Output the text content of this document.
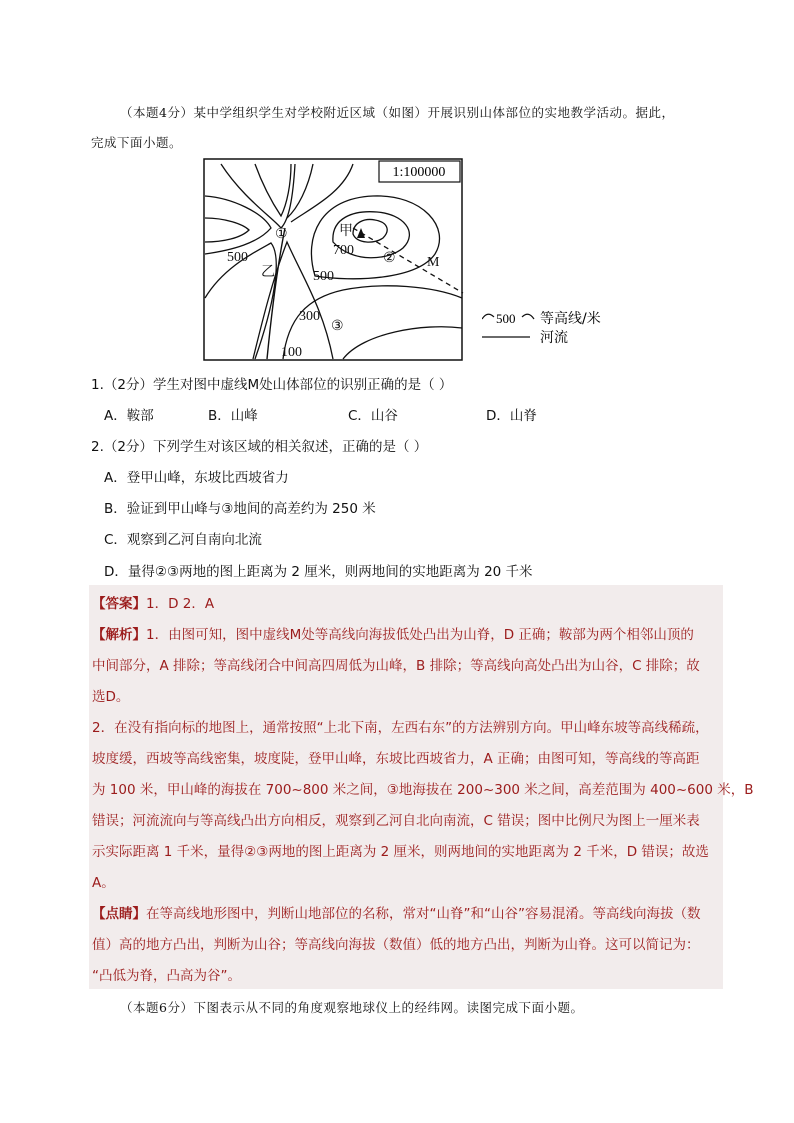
（本题4分）某中学组织学生对学校附近区域（如图）开展识别山体部位的实地教学活动。据此，
完成下面小题。
1:100000
甲
700
500
500
300
100
乙
①
②
③
M
500 等高线/米
河流
1.（2分）学生对图中虚线M处山体部位的识别正确的是（ ）
A．鞍部	B．山峰	C．山谷	D．山脊
2.（2分）下列学生对该区域的相关叙述，正确的是（ ）
A．登甲山峰，东坡比西坡省力
B．验证到甲山峰与③地间的高差约为 250 米
C．观察到乙河自南向北流
D．量得②③两地的图上距离为 2 厘米，则两地间的实地距离为 20 千米
【答案】1．D 2．A
【解析】1．由图可知，图中虚线M处等高线向海拔低处凸出为山脊，D 正确；鞍部为两个相邻山顶的
中间部分，A 排除；等高线闭合中间高四周低为山峰，B 排除；等高线向高处凸出为山谷，C 排除；故
选D。
2．在没有指向标的地图上，通常按照“上北下南，左西右东”的方法辨别方向。甲山峰东坡等高线稀疏，
坡度缓，西坡等高线密集，坡度陡，登甲山峰，东坡比西坡省力，A 正确；由图可知，等高线的等高距
为 100 米，甲山峰的海拔在 700~800 米之间，③地海拔在 200~300 米之间，高差范围为 400~600 米，B
错误；河流流向与等高线凸出方向相反，观察到乙河自北向南流，C 错误；图中比例尺为图上一厘米表
示实际距离 1 千米，量得②③两地的图上距离为 2 厘米，则两地间的实地距离为 2 千米，D 错误；故选
A。
【点睛】在等高线地形图中，判断山地部位的名称，常对“山脊”和“山谷”容易混淆。等高线向海拔（数
值）高的地方凸出，判断为山谷；等高线向海拔（数值）低的地方凸出，判断为山脊。这可以简记为：
“凸低为脊，凸高为谷”。
（本题6分）下图表示从不同的角度观察地球仪上的经纬网。读图完成下面小题。
